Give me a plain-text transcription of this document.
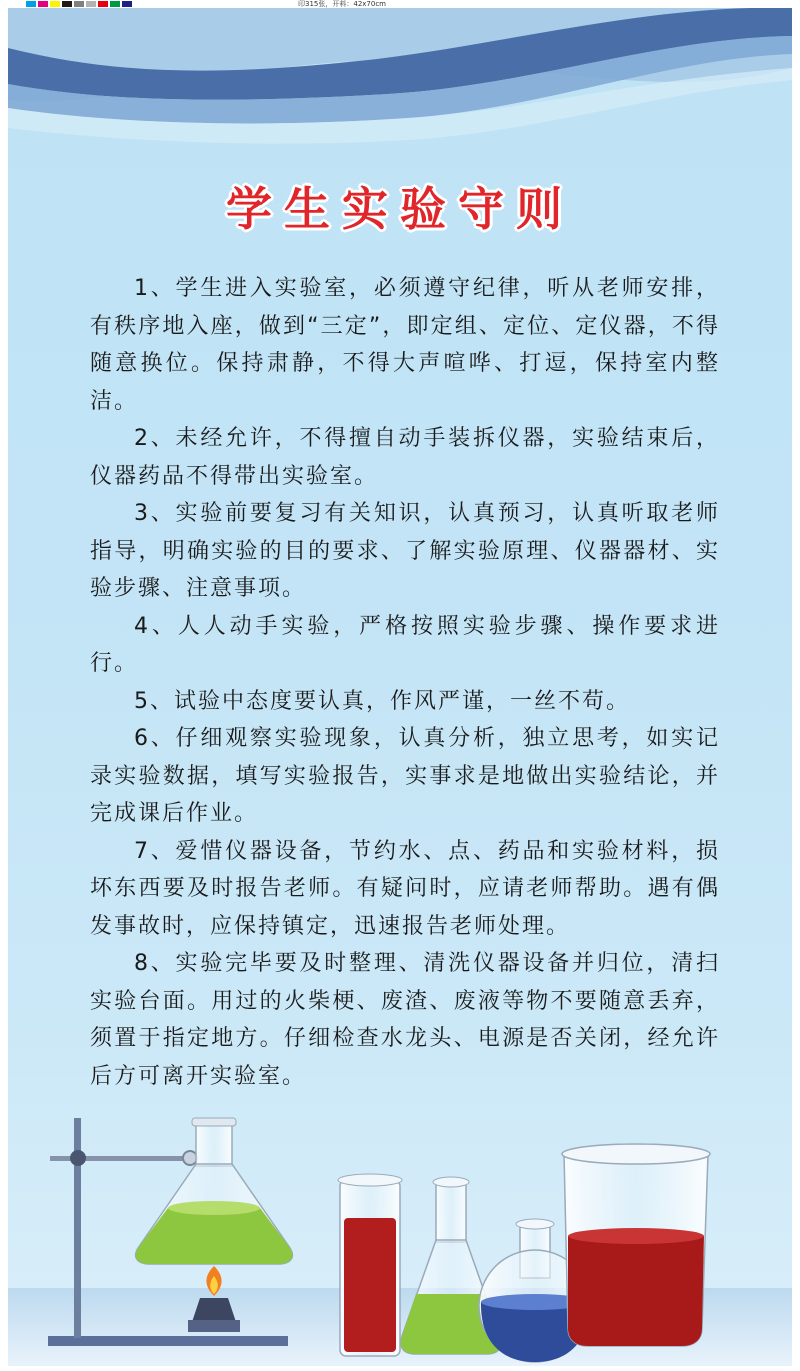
印315张，开料：42x70cm
学生实验守则

1、学生进入实验室，必须遵守纪律，听从老师安排，有秩序地入座，做到“三定”，即定组、定位、定仪器，不得随意换位。保持肃静，不得大声喧哗、打逗，保持室内整洁。

2、未经允许，不得擅自动手装拆仪器，实验结束后，仪器药品不得带出实验室。

3、实验前要复习有关知识，认真预习，认真听取老师指导，明确实验的目的要求、了解实验原理、仪器器材、实验步骤、注意事项。

4、人人动手实验，严格按照实验步骤、操作要求进行。

5、试验中态度要认真，作风严谨，一丝不苟。

6、仔细观察实验现象，认真分析，独立思考，如实记录实验数据，填写实验报告，实事求是地做出实验结论，并完成课后作业。

7、爱惜仪器设备，节约水、点、药品和实验材料，损坏东西要及时报告老师。有疑问时，应请老师帮助。遇有偶发事故时，应保持镇定，迅速报告老师处理。

8、实验完毕要及时整理、清洗仪器设备并归位，清扫实验台面。用过的火柴梗、废渣、废液等物不要随意丢弃，须置于指定地方。仔细检查水龙头、电源是否关闭，经允许后方可离开实验室。
